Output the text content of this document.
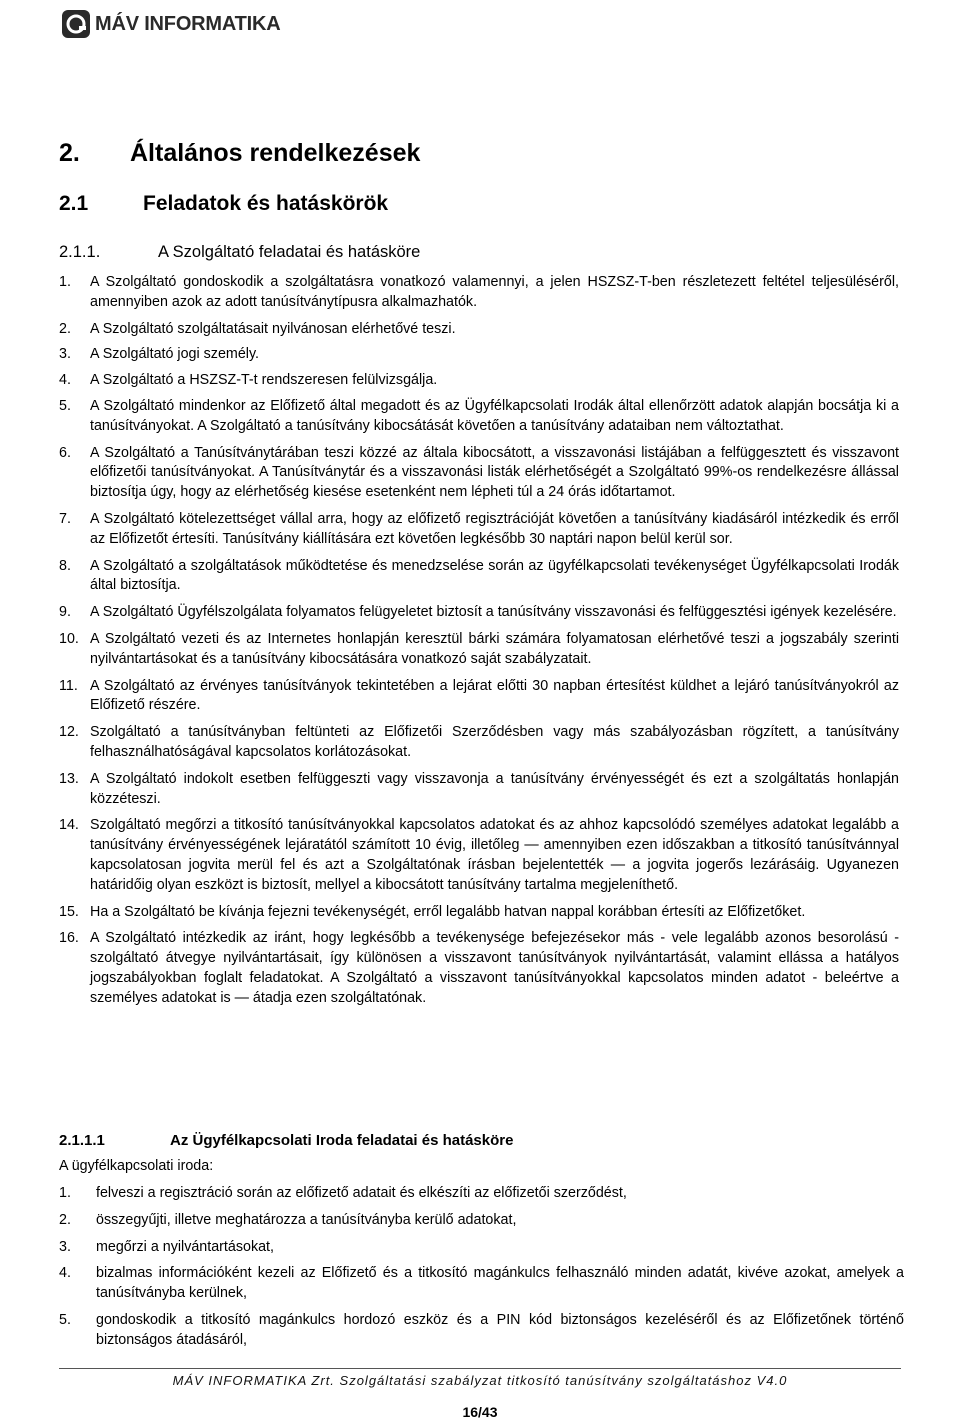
MÁV INFORMATIKA
2. Általános rendelkezések
2.1	Feladatok és hatáskörök
2.1.1.	A Szolgáltató feladatai és hatásköre
1.	A Szolgáltató gondoskodik a szolgáltatásra vonatkozó valamennyi, a jelen HSZSZ-T-ben részletezett feltétel teljesüléséről, amennyiben azok az adott tanúsítványtípusra alkalmazhatók.
2.	A Szolgáltató szolgáltatásait nyilvánosan elérhetővé teszi.
3.	A Szolgáltató jogi személy.
4.	A Szolgáltató a HSZSZ-T-t rendszeresen felülvizsgálja.
5.	A Szolgáltató mindenkor az Előfizető által megadott és az Ügyfélkapcsolati Irodák által ellenőrzött adatok alapján bocsátja ki a tanúsítványokat. A Szolgáltató a tanúsítvány kibocsátását követően a tanúsítvány adataiban nem változtathat.
6.	A Szolgáltató a Tanúsítványtárában teszi közzé az általa kibocsátott, a visszavonási listájában a felfüggesztett és visszavont előfizetői tanúsítványokat. A Tanúsítványtár és a visszavonási listák elérhetőségét a Szolgáltató 99%-os rendelkezésre állással biztosítja úgy, hogy az elérhetőség kiesése esetenként nem lépheti túl a 24 órás időtartamot.
7.	A Szolgáltató kötelezettséget vállal arra, hogy az előfizető regisztrációját követően a tanúsítvány kiadásáról intézkedik és erről az Előfizetőt értesíti. Tanúsítvány kiállítására ezt követően legkésőbb 30 naptári napon belül kerül sor.
8.	A Szolgáltató a szolgáltatások működtetése és menedzselése során az ügyfélkapcsolati tevékenységet Ügyfélkapcsolati Irodák által biztosítja.
9.	A Szolgáltató Ügyfélszolgálata folyamatos felügyeletet biztosít a tanúsítvány visszavonási és felfüggesztési igények kezelésére.
10. A Szolgáltató vezeti és az Internetes honlapján keresztül bárki számára folyamatosan elérhetővé teszi a jogszabály szerinti nyilvántartásokat és a tanúsítvány kibocsátására vonatkozó saját szabályzatait.
11. A Szolgáltató az érvényes tanúsítványok tekintetében a lejárat előtti 30 napban értesítést küldhet a lejáró tanúsítványokról az Előfizető részére.
12. Szolgáltató a tanúsítványban feltünteti az Előfizetői Szerződésben vagy más szabályozásban rögzített, a tanúsítvány felhasználhatóságával kapcsolatos korlátozásokat.
13. A Szolgáltató indokolt esetben felfüggeszti vagy visszavonja a tanúsítvány érvényességét és ezt a szolgáltatás honlapján közzéteszi.
14. Szolgáltató megőrzi a titkosító tanúsítványokkal kapcsolatos adatokat és az ahhoz kapcsolódó személyes adatokat legalább a tanúsítvány érvényességének lejáratától számított 10 évig, illetőleg — amennyiben ezen időszakban a titkosító tanúsítvánnyal kapcsolatosan jogvita merül fel és azt a Szolgáltatónak írásban bejelentették — a jogvita jogerős lezárásáig. Ugyanezen határidőig olyan eszközt is biztosít, mellyel a kibocsátott tanúsítvány tartalma megjeleníthető.
15. Ha a Szolgáltató be kívánja fejezni tevékenységét, erről legalább hatvan nappal korábban értesíti az Előfizetőket.
16. A Szolgáltató intézkedik az iránt, hogy legkésőbb a tevékenysége befejezésekor más - vele legalább azonos besorolású - szolgáltató átvegye nyilvántartásait, így különösen a visszavont tanúsítványok nyilvántartását, valamint ellássa a hatályos jogszabályokban foglalt feladatokat. A Szolgáltató a visszavont tanúsítványokkal kapcsolatos minden adatot - beleértve a személyes adatokat is — átadja ezen szolgáltatónak.
2.1.1.1	Az Ügyfélkapcsolati Iroda feladatai és hatásköre
A ügyfélkapcsolati iroda:
1.	felveszi a regisztráció során az előfizető adatait és elkészíti az előfizetői szerződést,
2.	összegyűjti, illetve meghatározza a tanúsítványba kerülő adatokat,
3.	megőrzi a nyilvántartásokat,
4.	bizalmas információként kezeli az Előfizető és a titkosító magánkulcs felhasználó minden adatát, kivéve azokat, amelyek a tanúsítványba kerülnek,
5.	gondoskodik a titkosító magánkulcs hordozó eszköz és a PIN kód biztonságos kezeléséről és az Előfizetőnek történő biztonságos átadásáról,
MÁV INFORMATIKA Zrt. Szolgáltatási szabályzat titkosító tanúsítvány szolgáltatáshoz V4.0
16/43
